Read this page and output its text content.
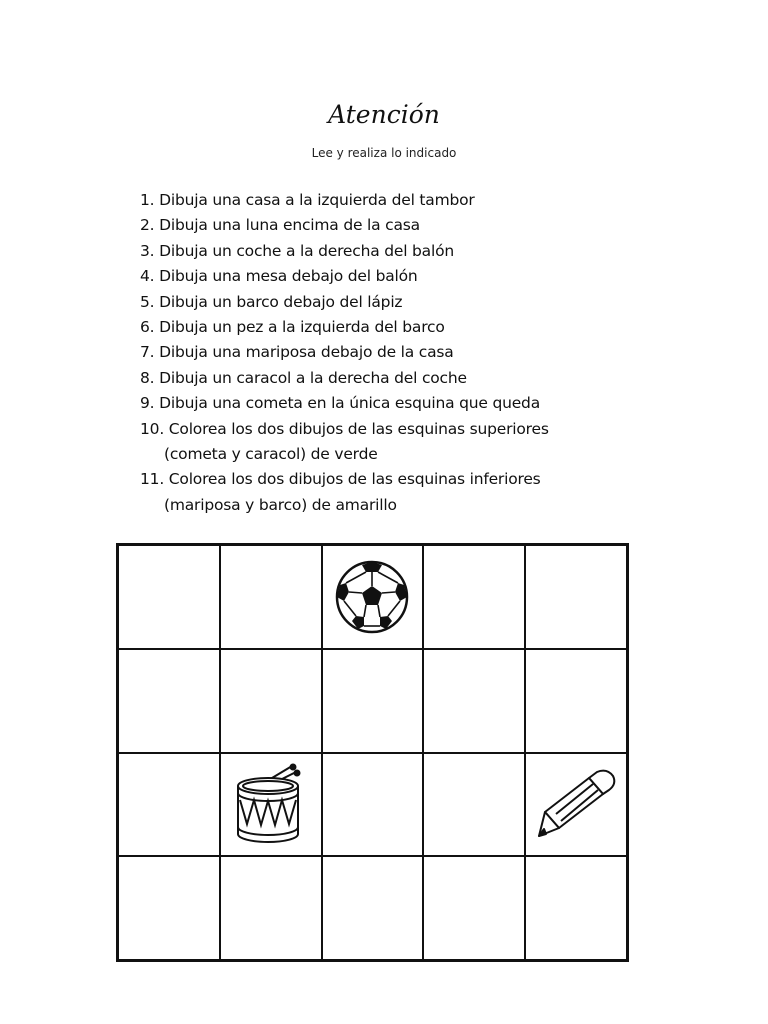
Atención
Lee y realiza lo indicado
1. Dibuja una casa a la izquierda del tambor
2. Dibuja una luna encima de la casa
3. Dibuja un coche a la derecha del balón
4. Dibuja una mesa debajo del balón
5. Dibuja un barco debajo del lápiz
6. Dibuja un pez a la izquierda del barco
7. Dibuja una mariposa debajo de la casa
8. Dibuja un caracol a la derecha del coche
9. Dibuja una cometa en la única esquina que queda
10. Colorea los dos dibujos de las esquinas superiores
(cometa y caracol) de verde
11. Colorea los dos dibujos de las esquinas inferiores
(mariposa y barco) de amarillo
